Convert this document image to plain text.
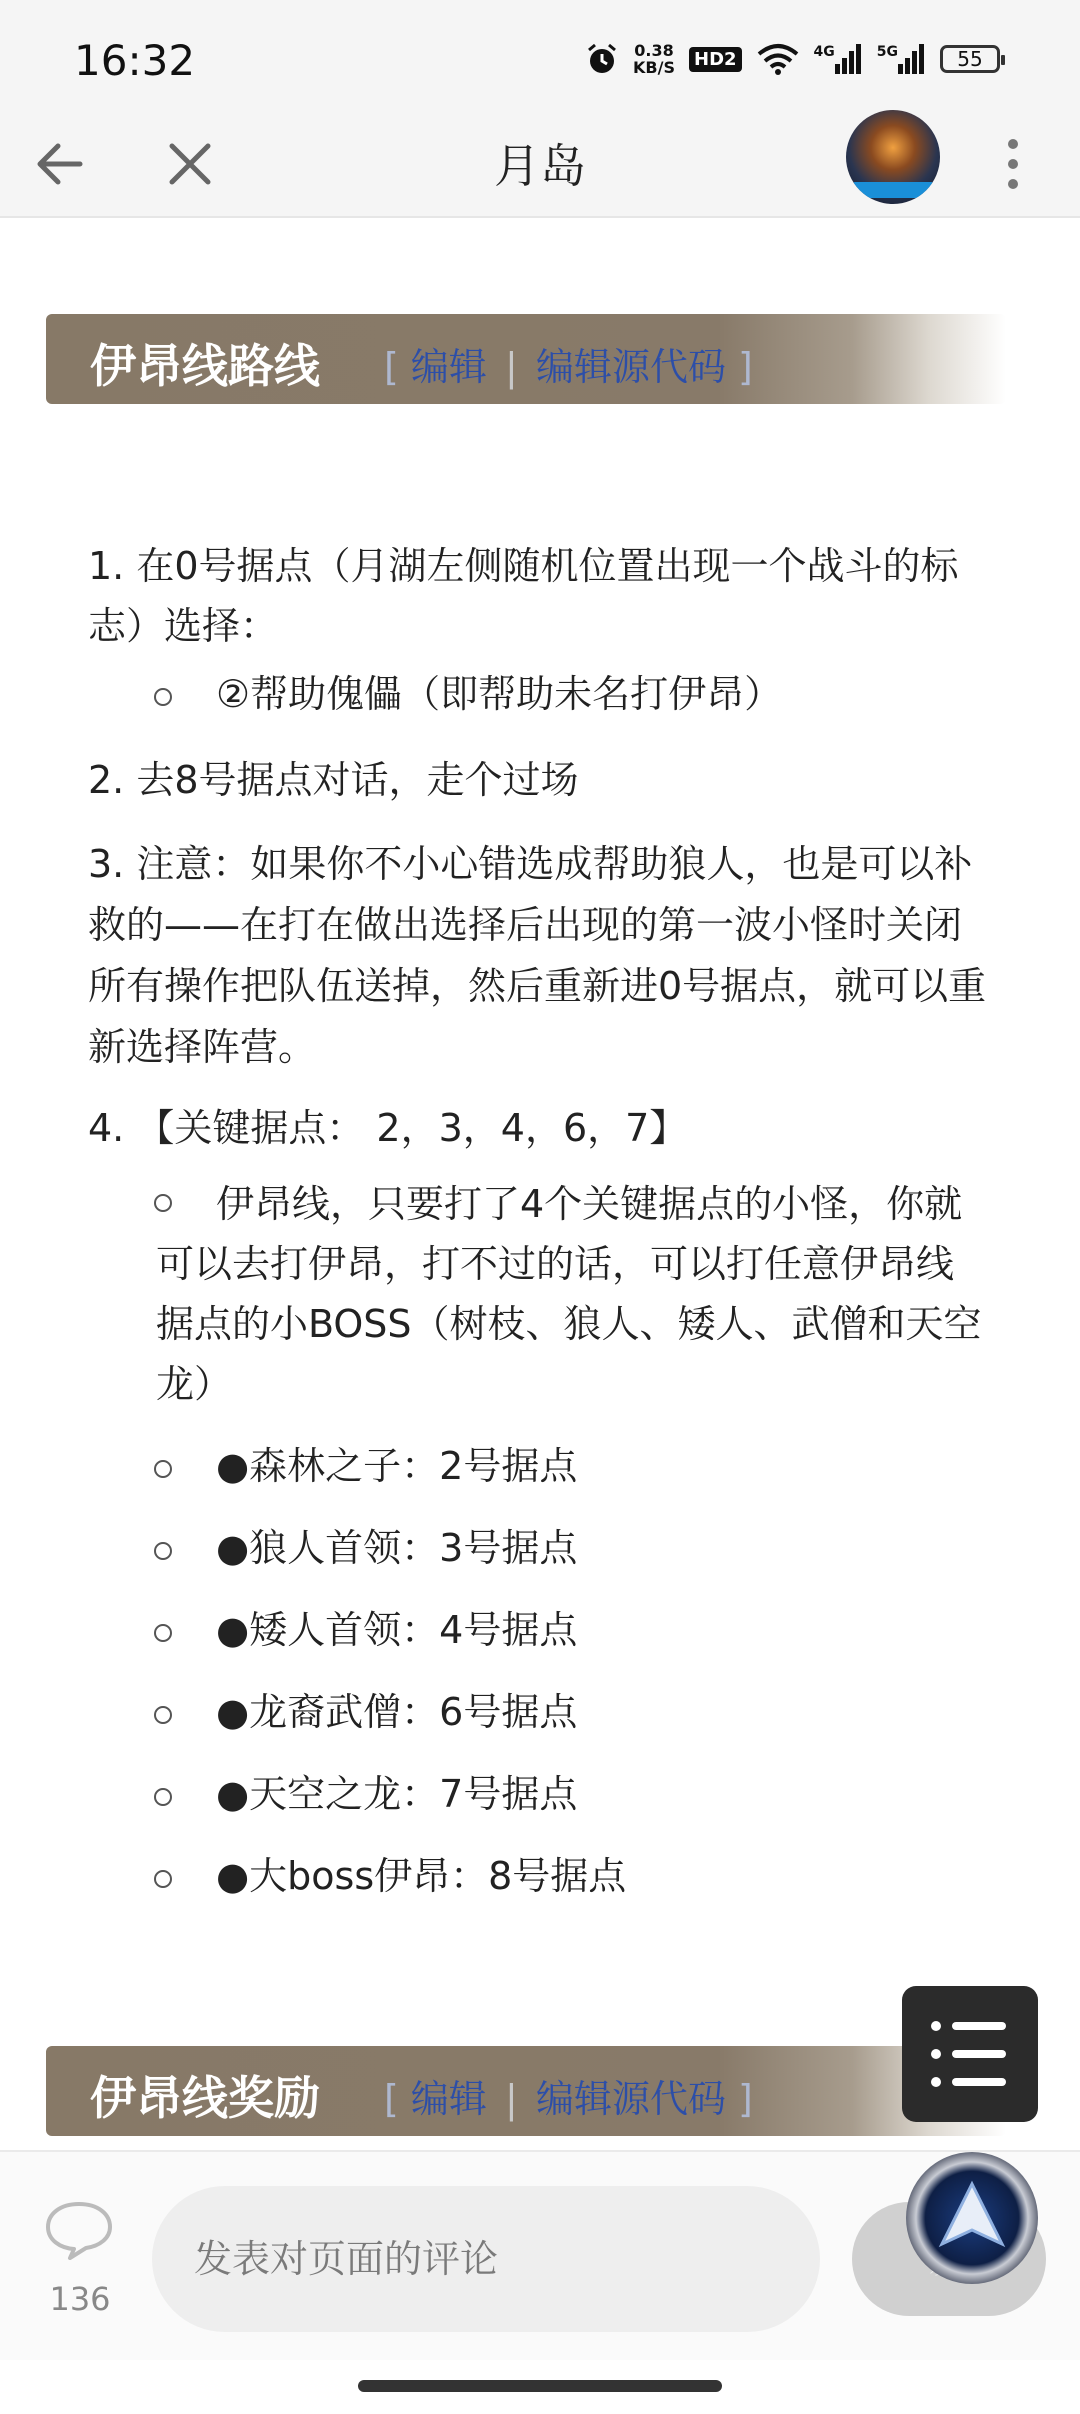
16:32	0.38
KB/S HD2	4G	5G	55
月岛
伊昂线路线 [ 编辑 | 编辑源代码 ]
1. 在0号据点（月湖左侧随机位置出现一个战斗的标志）选择：
②帮助傀儡（即帮助未名打伊昂）
2. 去8号据点对话，走个过场
3. 注意：如果你不小心错选成帮助狼人，也是可以补救的——在打在做出选择后出现的第一波小怪时关闭所有操作把队伍送掉，然后重新进0号据点，就可以重新选择阵营。
4. 【关键据点： 2，3，4，6，7】
伊昂线，只要打了4个关键据点的小怪，你就可以去打伊昂，打不过的话，可以打任意伊昂线据点的小BOSS（树枝、狼人、矮人、武僧和天空龙）
●森林之子：2号据点
●狼人首领：3号据点
●矮人首领：4号据点
●龙裔武僧：6号据点
●天空之龙：7号据点
●大boss伊昂：8号据点
伊昂线奖励 [ 编辑 | 编辑源代码 ]
136
发表对页面的评论
